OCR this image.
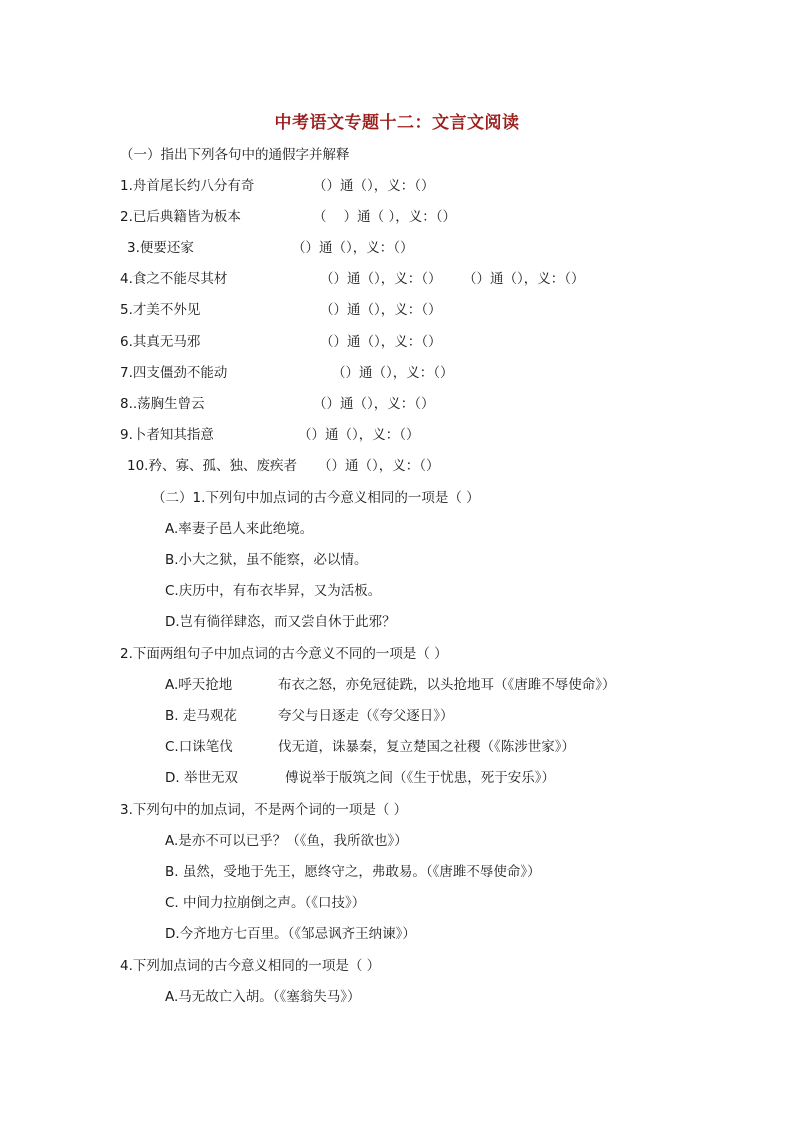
中考语文专题十二：文言文阅读
（一）指出下列各句中的通假字并解释
1.舟首尾长约八分有奇	（）通（），义：（）
2.已后典籍皆为板本	（    ）通（ ），义：（）
3.便要还家	（）通（），义：（）
4.食之不能尽其材	（）通（），义：（）     （）通（），义：（）
5.才美不外见	（）通（），义：（）
6.其真无马邪	（）通（），义：（）
7.四支僵劲不能动	（）通（），义：（）
8..荡胸生曾云	（）通（），义：（）
9.卜者知其指意	（）通（），义：（）
10.矜、寡、孤、独、废疾者 （）通（），义：（）
（二）1.下列句中加点词的古今意义相同的一项是（ ）
A.率妻子邑人来此绝境。
B.小大之狱，虽不能察，必以情。
C.庆历中，有布衣毕昇，又为活板。
D.岂有徜徉肆恣，而又尝自休于此邪？
2.下面两组句子中加点词的古今意义不同的一项是（ ）
A.呼天抢地	布衣之怒，亦免冠徒跣，以头抢地耳（《唐雎不辱使命》）
B. 走马观花	夸父与日逐走（《夸父逐日》）
C.口诛笔伐	伐无道，诛暴秦，复立楚国之社稷（《陈涉世家》）
D. 举世无双	傅说举于版筑之间（《生于忧患，死于安乐》）
3.下列句中的加点词，不是两个词的一项是（ ）
A.是亦不可以已乎？（《鱼，我所欲也》）
B. 虽然，受地于先王，愿终守之，弗敢易。（《唐雎不辱使命》）
C. 中间力拉崩倒之声。（《口技》）
D.今齐地方七百里。（《邹忌讽齐王纳谏》）
4.下列加点词的古今意义相同的一项是（ ）
A.马无故亡入胡。（《塞翁失马》）
